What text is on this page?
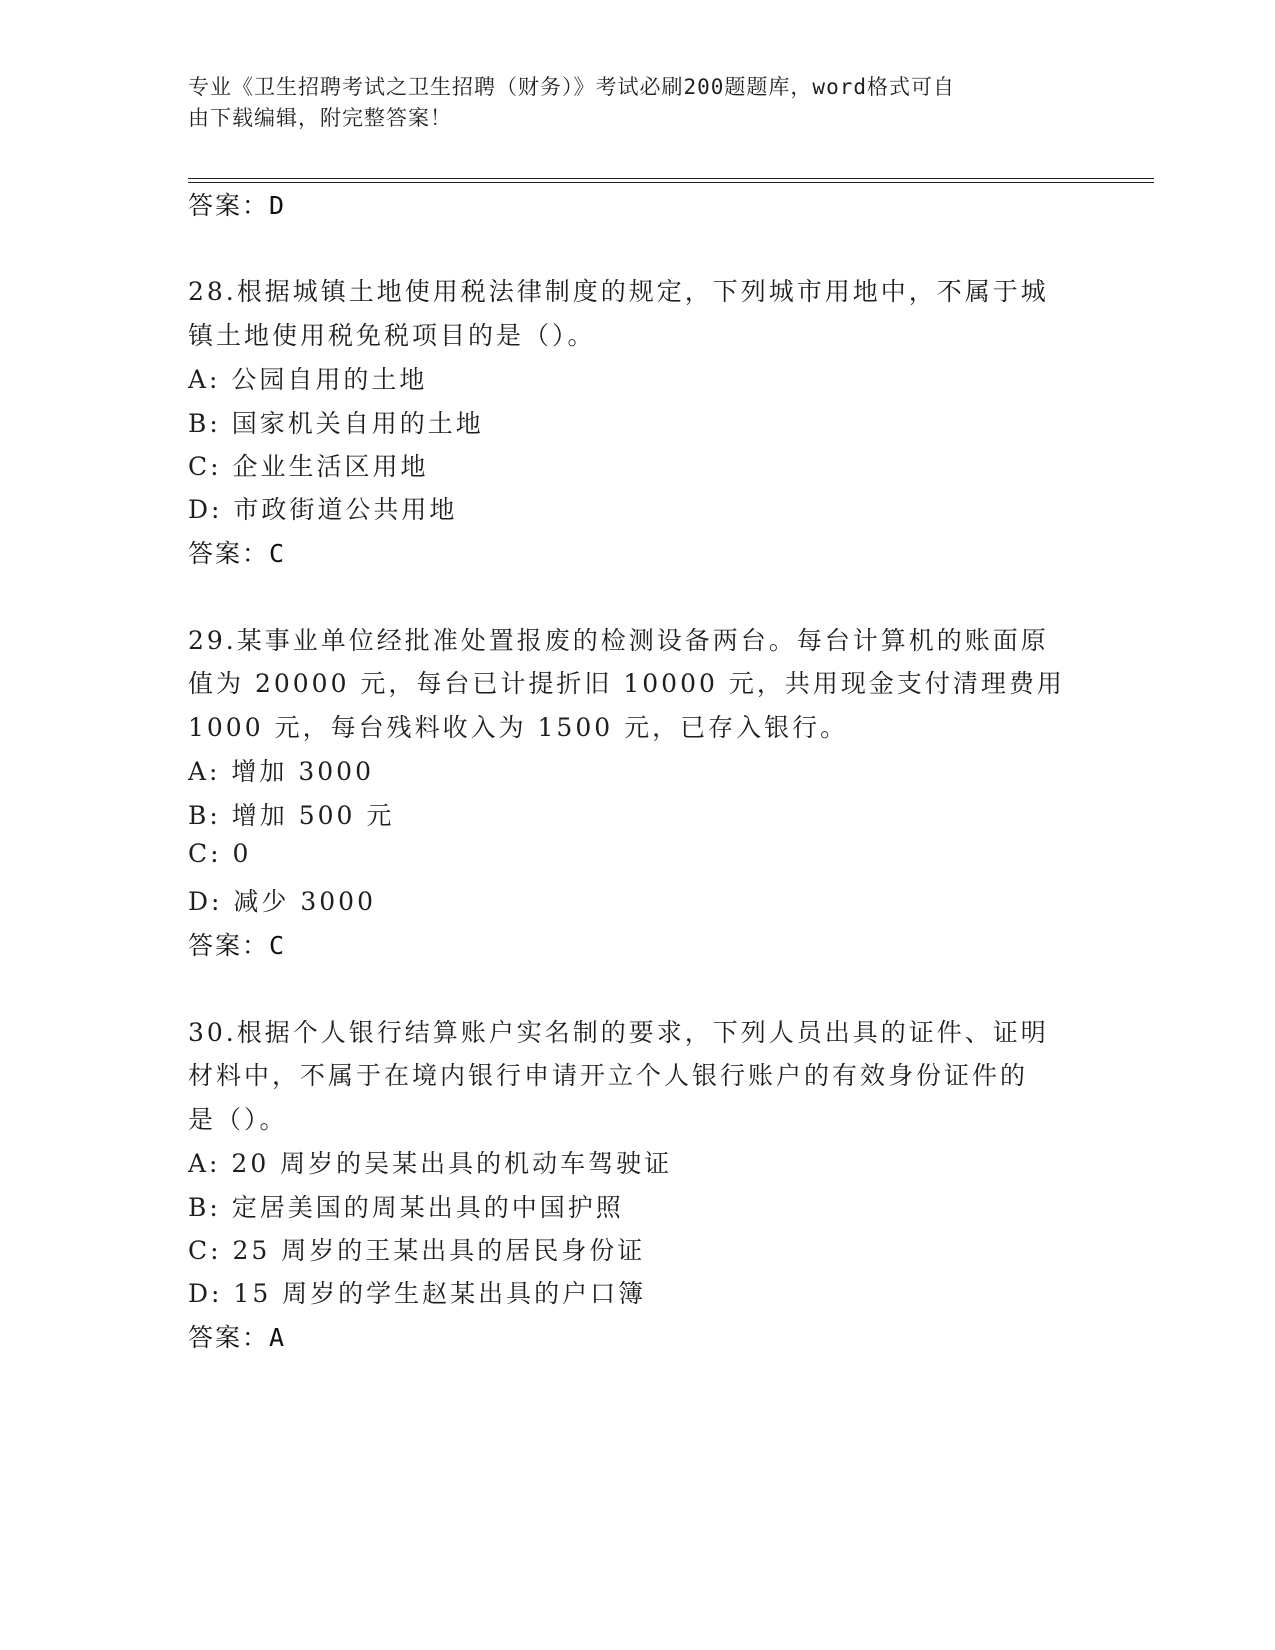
专业《卫生招聘考试之卫生招聘（财务）》考试必刷200题题库，word格式可自
由下载编辑，附完整答案！
答案：D
28.根据城镇土地使用税法律制度的规定，下列城市用地中，不属于城
镇土地使用税免税项目的是（）。
A: 公园自用的土地
B: 国家机关自用的土地
C: 企业生活区用地
D: 市政街道公共用地
答案：C
29.某事业单位经批准处置报废的检测设备两台。每台计算机的账面原
值为 20000 元，每台已计提折旧 10000 元，共用现金支付清理费用
1000 元，每台残料收入为 1500 元，已存入银行。
A: 增加 3000
B: 增加 500 元
C: 0
D: 减少 3000
答案：C
30.根据个人银行结算账户实名制的要求，下列人员出具的证件、证明
材料中，不属于在境内银行申请开立个人银行账户的有效身份证件的
是（）。
A: 20 周岁的吴某出具的机动车驾驶证
B: 定居美国的周某出具的中国护照
C: 25 周岁的王某出具的居民身份证
D: 15 周岁的学生赵某出具的户口簿
答案：A
